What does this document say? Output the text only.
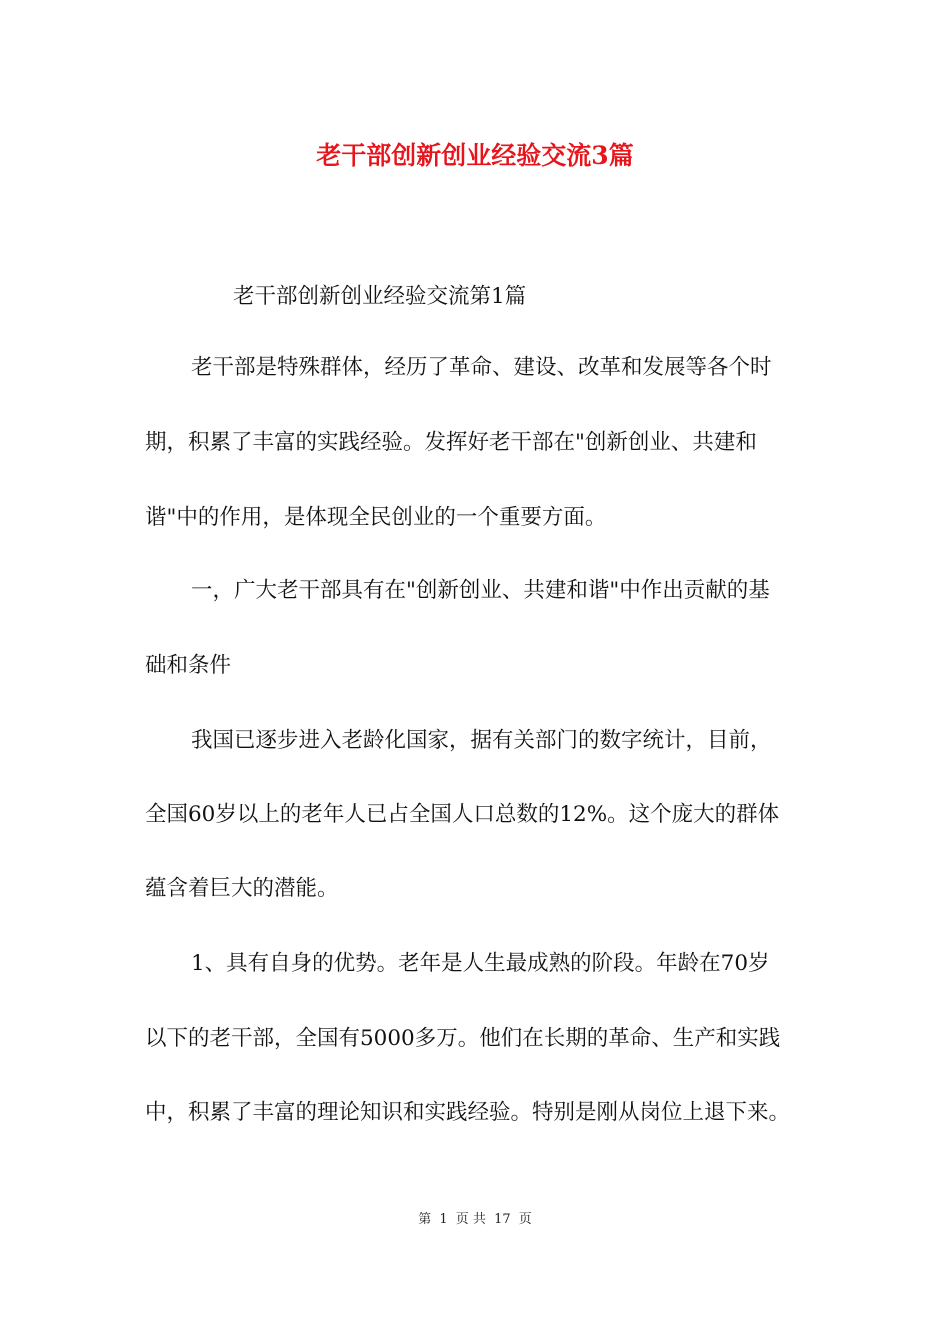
老干部创新创业经验交流3篇
老干部创新创业经验交流第1篇
老干部是特殊群体，经历了革命、建设、改革和发展等各个时
期，积累了丰富的实践经验。发挥好老干部在"创新创业、共建和
谐"中的作用，是体现全民创业的一个重要方面。
一，广大老干部具有在"创新创业、共建和谐"中作出贡献的基
础和条件
我国已逐步进入老龄化国家，据有关部门的数字统计，目前，
全国60岁以上的老年人已占全国人口总数的12%。这个庞大的群体
蕴含着巨大的潜能。
1、具有自身的优势。老年是人生最成熟的阶段。年龄在70岁
以下的老干部，全国有5000多万。他们在长期的革命、生产和实践
中，积累了丰富的理论知识和实践经验。特别是刚从岗位上退下来。
第 1 页 共 17 页
